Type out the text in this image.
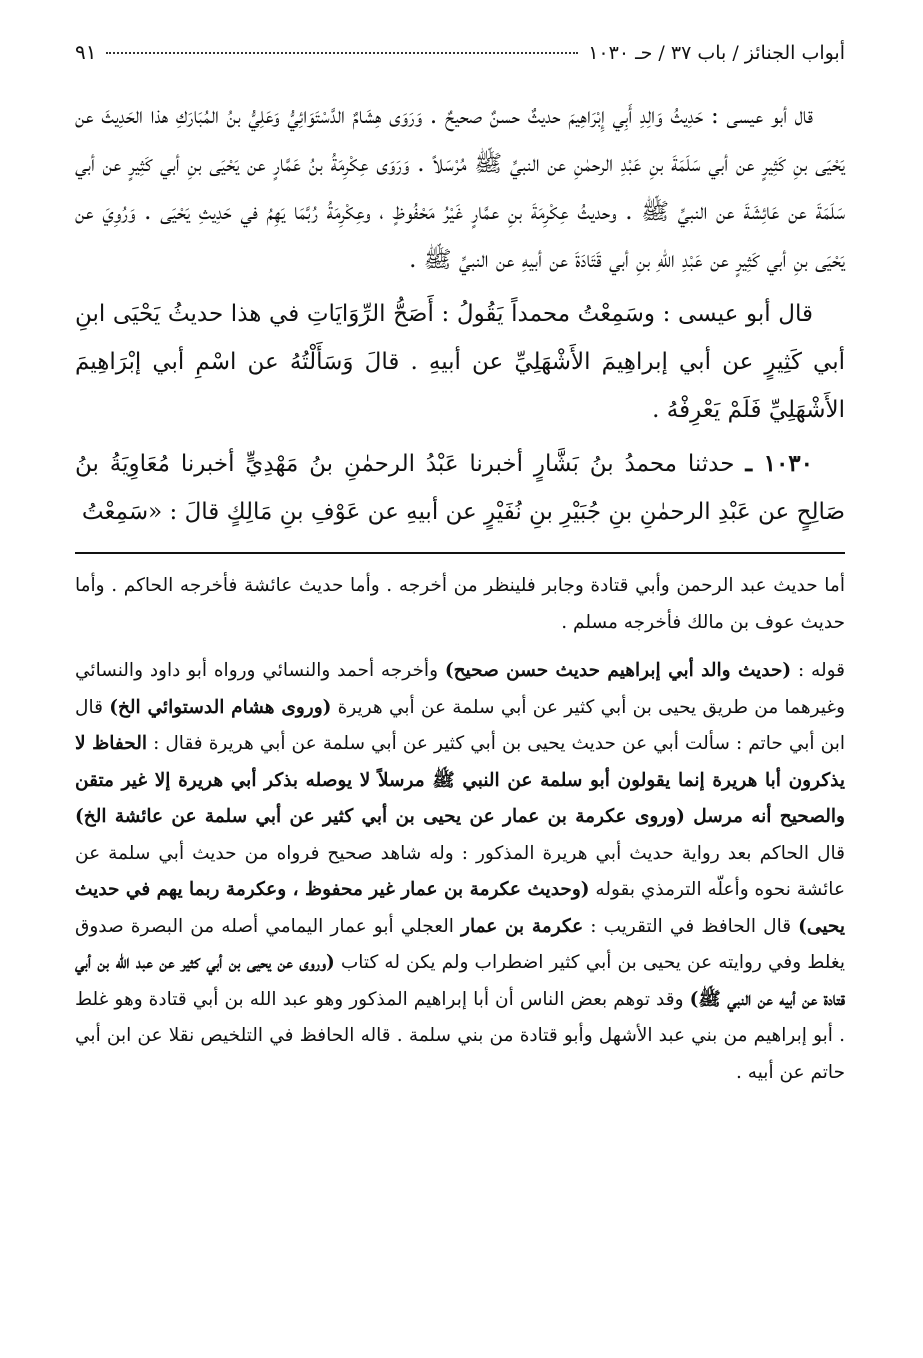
أبواب الجنائز / باب ٣٧ / حـ ١٠٣٠
٩١

قال أبو عيسى : حَدِيثُ وَالِدِ أَبِي إِبْرَاهِيمَ حديثٌ حسنٌ صحيحٌ . وَرَوَى هِشَامٌ الدَّسْتَوَائِيُّ وَعَلِيُّ بنُ المُبَارَكِ هذا الحَدِيثَ عن يَحْيَى بنِ كَثِيرٍ عن أبي سَلَمَةَ بنِ عَبْدِ الرحمٰنِ عن النبيِّ ﷺ مُرْسَلاً . وَرَوَى عِكْرِمَةُ بنُ عَمَّارٍ عن يَحْيَى بنِ أبي كَثِيرٍ عن أبي سَلَمَةَ عن عَائِشَةَ عن النبيِّ ﷺ . وحديثُ عِكْرِمَةَ بنِ عمَّارٍ غَيْرُ مَحْفُوظٍ ، وعِكْرِمَةُ رُبَّمَا يَهِمُ في حَدِيثِ يَحْيَى . وَرُوِيَ عن يَحْيَى بنِ أبي كَثِيرٍ عن عَبْدِ اللهِ بنِ أبي قَتَادَةَ عن أبيهِ عن النبيِّ ﷺ .

قال أبو عيسى : وسَمِعْتُ محمداً يَقُولُ : أَصَحُّ الرِّوَايَاتِ في هذا حديثُ يَحْيَى ابنِ أبي كَثِيرٍ عن أبي إبراهِيمَ الأَشْهَلِيِّ عن أبيهِ . قالَ وَسَأَلْتُهُ عن اسْمِ أبي إبْرَاهِيمَ الأَشْهَلِيِّ فَلَمْ يَعْرِفْهُ .

١٠٣٠ ـ حدثنا محمدُ بنُ بَشَّارٍ أخبرنا عَبْدُ الرحمٰنِ بنُ مَهْدِيٍّ أخبرنا مُعَاوِيَةُ بنُ صَالِحٍ عن عَبْدِ الرحمٰنِ بنِ جُبَيْرِ بنِ نُفَيْرٍ عن أبيهِ عن عَوْفِ بنِ مَالِكٍ قالَ : «سَمِعْتُ

أما حديث عبد الرحمن وأبي قتادة وجابر فلينظر من أخرجه . وأما حديث عائشة فأخرجه الحاكم . وأما حديث عوف بن مالك فأخرجه مسلم .

قوله : (حديث والد أبي إبراهيم حديث حسن صحيح) وأخرجه أحمد والنسائي ورواه أبو داود والنسائي وغيرهما من طريق يحيى بن أبي كثير عن أبي سلمة عن أبي هريرة (وروى هشام الدستوائي الخ) قال ابن أبي حاتم : سألت أبي عن حديث يحيى بن أبي كثير عن أبي سلمة عن أبي هريرة فقال : الحفاظ لا يذكرون أبا هريرة إنما يقولون أبو سلمة عن النبي ﷺ مرسلاً لا يوصله بذكر أبي هريرة إلا غير متقن والصحيح أنه مرسل (وروى عكرمة بن عمار عن يحيى بن أبي كثير عن أبي سلمة عن عائشة الخ) قال الحاكم بعد رواية حديث أبي هريرة المذكور : وله شاهد صحيح فرواه من حديث أبي سلمة عن عائشة نحوه وأعلّه الترمذي بقوله (وحديث عكرمة بن عمار غير محفوظ ، وعكرمة ربما يهم في حديث يحيى) قال الحافظ في التقريب : عكرمة بن عمار العجلي أبو عمار اليمامي أصله من البصرة صدوق يغلط وفي روايته عن يحيى بن أبي كثير اضطراب ولم يكن له كتاب (وروى عن يحيى بن أبي كثير عن عبد الله بن أبي قتادة عن أبيه عن النبي ﷺ) وقد توهم بعض الناس أن أبا إبراهيم المذكور وهو عبد الله بن أبي قتادة وهو غلط . أبو إبراهيم من بني عبد الأشهل وأبو قتادة من بني سلمة . قاله الحافظ في التلخيص نقلا عن ابن أبي حاتم عن أبيه .
